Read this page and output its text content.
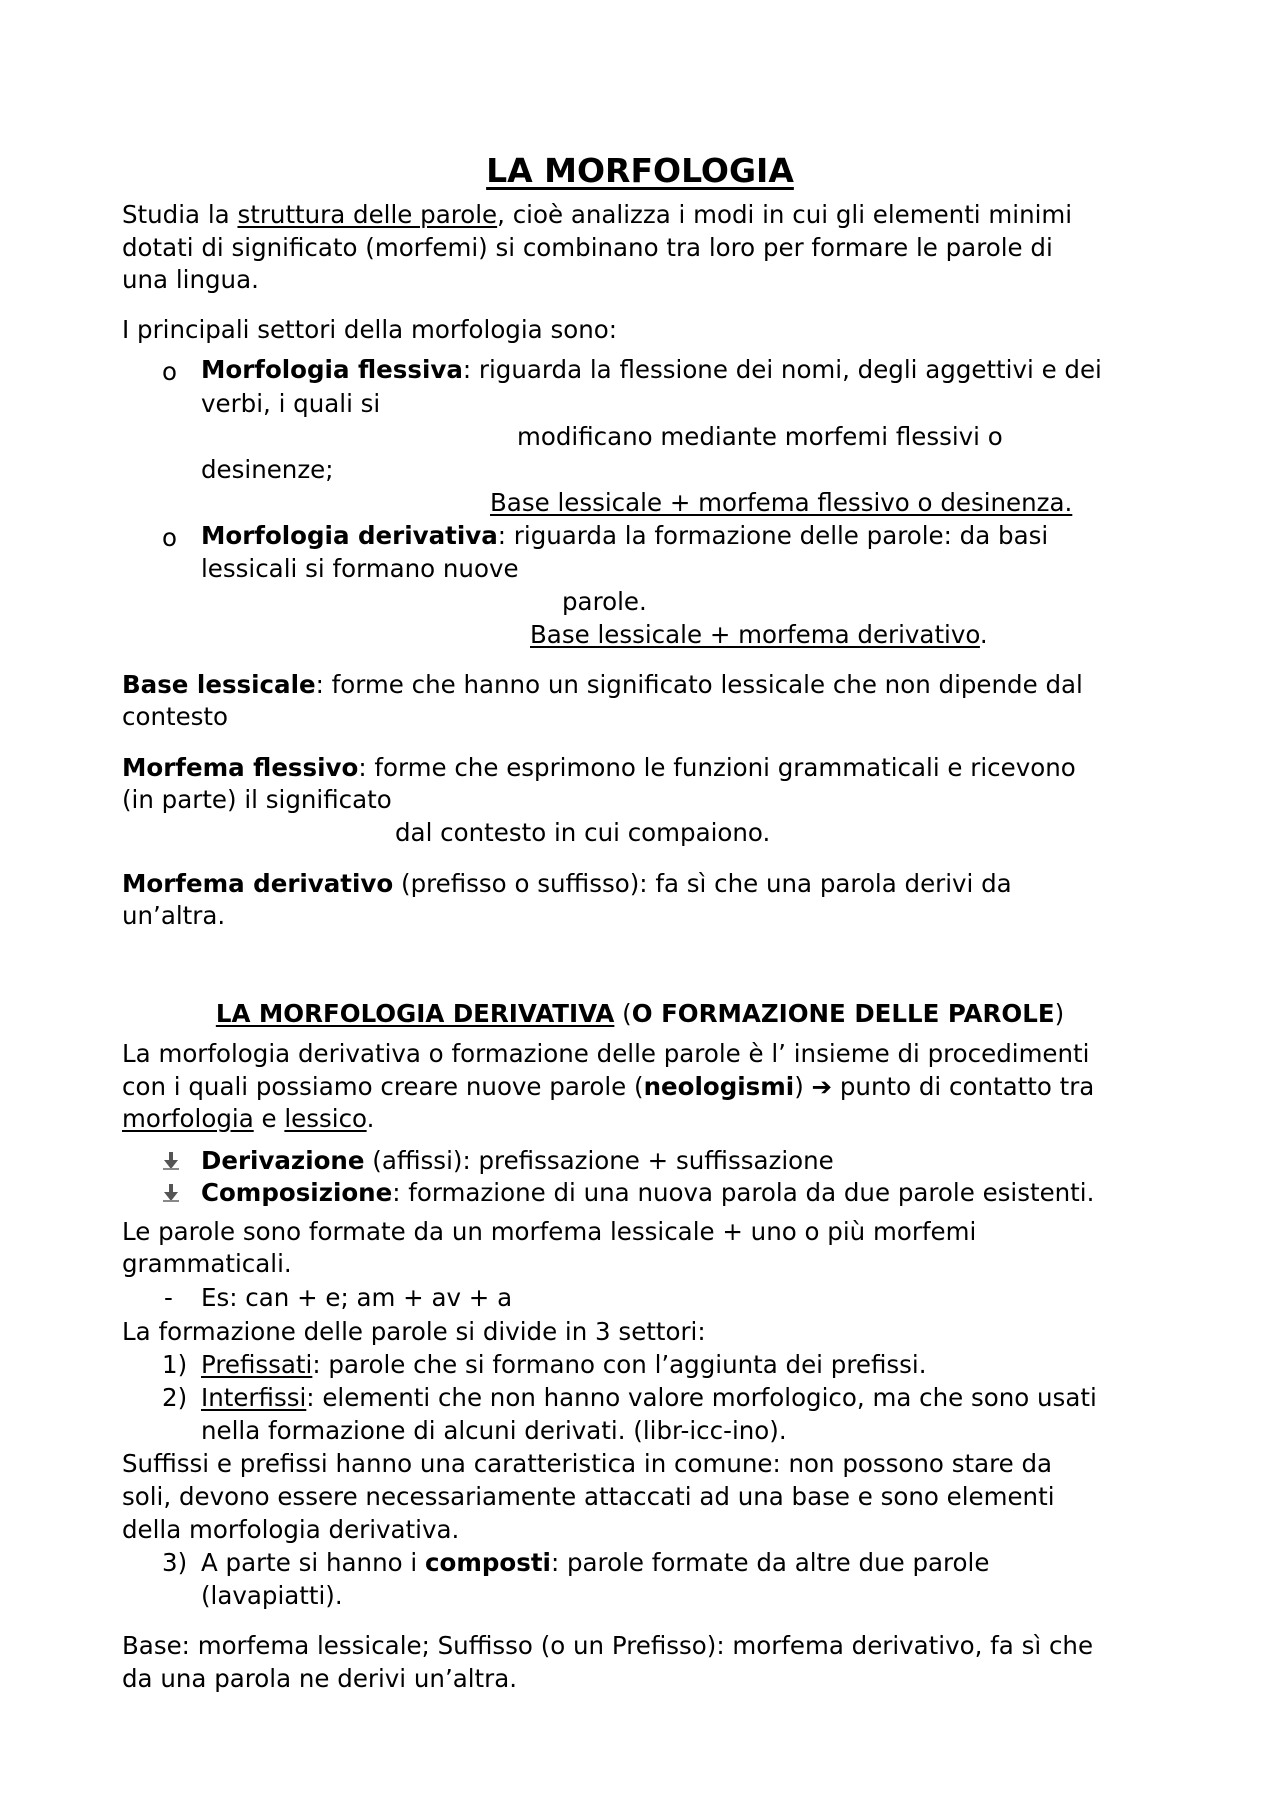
LA MORFOLOGIA
Studia la struttura delle parole, cioè analizza i modi in cui gli elementi minimi
dotati di significato (morfemi) si combinano tra loro per formare le parole di
una lingua.
I principali settori della morfologia sono:
o Morfologia flessiva: riguarda la flessione dei nomi, degli aggettivi e dei
verbi, i quali si
modificano mediante morfemi flessivi o
desinenze;
Base lessicale + morfema flessivo o desinenza.
o Morfologia derivativa: riguarda la formazione delle parole: da basi
lessicali si formano nuove
parole.
Base lessicale + morfema derivativo.
Base lessicale: forme che hanno un significato lessicale che non dipende dal
contesto
Morfema flessivo: forme che esprimono le funzioni grammaticali e ricevono
(in parte) il significato
dal contesto in cui compaiono.
Morfema derivativo (prefisso o suffisso): fa sì che una parola derivi da
un’altra.
LA MORFOLOGIA DERIVATIVA (O FORMAZIONE DELLE PAROLE)
La morfologia derivativa o formazione delle parole è l’ insieme di procedimenti
con i quali possiamo creare nuove parole (neologismi) ➔ punto di contatto tra
morfologia e lessico.
Derivazione (affissi): prefissazione + suffissazione
Composizione: formazione di una nuova parola da due parole esistenti.
Le parole sono formate da un morfema lessicale + uno o più morfemi
grammaticali.
- Es: can + e; am + av + a
La formazione delle parole si divide in 3 settori:
1) Prefissati: parole che si formano con l’aggiunta dei prefissi.
2) Interfissi: elementi che non hanno valore morfologico, ma che sono usati
nella formazione di alcuni derivati. (libr-icc-ino).
Suffissi e prefissi hanno una caratteristica in comune: non possono stare da
soli, devono essere necessariamente attaccati ad una base e sono elementi
della morfologia derivativa.
3) A parte si hanno i composti: parole formate da altre due parole
(lavapiatti).
Base: morfema lessicale; Suffisso (o un Prefisso): morfema derivativo, fa sì che
da una parola ne derivi un’altra.
